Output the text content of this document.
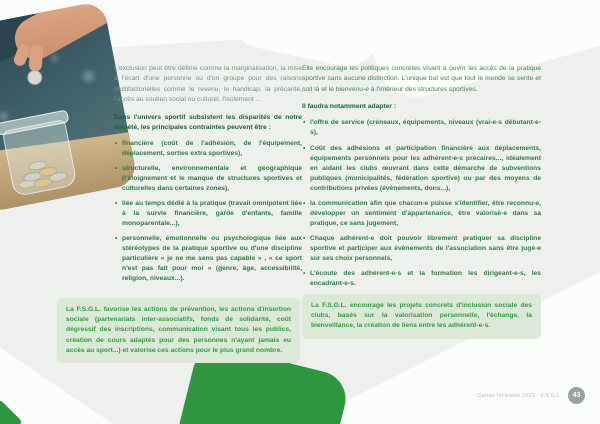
L'exclusion peut être définie comme la marginalisation, la mise à l'écart d'une personne ou d'un groupe pour des raisons multifactorielles comme le revenu, le handicap, la précarité, l'accès au soutien social ou culturel, l'isolement ...

Dans l'univers sportif subsistent les disparités de notre société, les principales contraintes peuvent être :

• financière (coût de l'adhésion, de l'équipement, déplacement, sorties extra sportives),
• structurelle, environnementale et géographique (l'éloignement et le manque de structures sportives et culturelles dans certaines zones),
• liée au temps dédié à la pratique (travail omnipotent liée à la survie financière, garde d'enfants, famille monoparentale...),
• personnelle, émotionnelle ou psychologique liée aux stéréotypes de la pratique sportive ou d'une discipline particulière « je ne me sens pas capable » , « ce sport n'est pas fait pour moi » (genre, âge, accessibilité, religion, niveaux...).
La F.S.G.L. favorise les actions de prévention, les actions d'insertion sociale (partenariats inter-associatifs, fonds de solidarité, coût dégressif des inscriptions, communication visant tous les publics, création de cours adaptés pour des personnes n'ayant jamais eu accès au sport...) et valorise ces actions pour le plus grand nombre.

Elle encourage les politiques concrètes visant à ouvrir les accès de la pratique sportive sans aucune distinction. L'unique but est que tout le monde se sente et soit là et le bienvenu-e à l'intérieur des structures sportives.

Il faudra notamment adapter :

• l'offre de service (créneaux, équipements, niveaux (vrai-e-s débutant-e-s),
• Coût des adhésions et participation financière aux déplacements, équipements personnels pour les adhérent-e-s précaires..., idéalement en aidant les clubs œuvrant dans cette démarche de subventions publiques (municipalités, fédération sportive) ou par des moyens de contributions privées (évènements, dons...),
• la communication afin que chacun-e puisse s'identifier, être reconnu-e, développer un sentiment d'appartenance, être valorisé-e dans sa pratique, ce sans jugement,
• Chaque adhérent-e doit pouvoir librement pratiquer sa discipline sportive et participer aux évènements de l'association sans être jugé-e sur ses choix personnels,
• L'écoute des adhérent-e-s et la formation les dirigeant-e-s, les encadrant-e-s.
La F.S.G.L. encourage les projets concrets d'inclusion sociale des clubs, basés sur la valorisation personnelle, l'échange, la bienveillance, la création de liens entre les adhérent-e-s.
Carnet Inclusion 2021 - F.S.G.L.	43
